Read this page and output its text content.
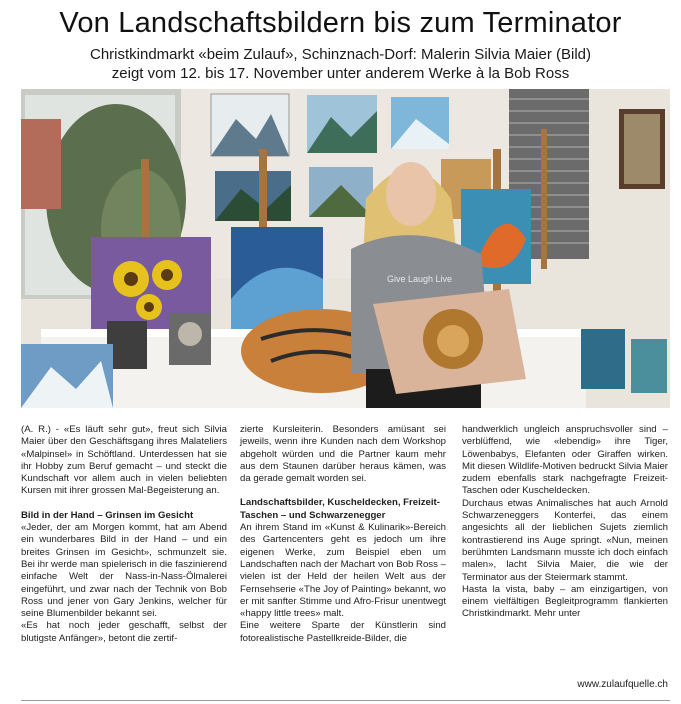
Von Landschaftsbildern bis zum Terminator
Christkindmarkt «beim Zulauf», Schinznach-Dorf: Malerin Silvia Maier (Bild)
zeigt vom 12. bis 17. November unter anderem Werke à la Bob Ross
Give Laugh Live

(A. R.) - «Es läuft sehr gut», freut sich Silvia Maier über den Geschäftsgang ihres Malateliers «Malpinsel» in Schöftland. Unterdessen hat sie ihr Hobby zum Beruf gemacht – und steckt die Kundschaft vor allem auch in vielen beliebten Kursen mit ihrer grossen Mal-Begeisterung an.

Bild in der Hand – Grinsen im Gesicht

«Jeder, der am Morgen kommt, hat am Abend ein wunderbares Bild in der Hand – und ein breites Grinsen im Gesicht», schmunzelt sie. Bei ihr werde man spielerisch in die faszinierend einfache Welt der Nass-in-Nass-Ölmalerei eingeführt, und zwar nach der Technik von Bob Ross und jener von Gary Jenkins, welcher für seine Blumenbilder bekannt sei.

«Es hat noch jeder geschafft, selbst der blutigste Anfänger», betont die zertif-

zierte Kursleiterin. Besonders amüsant sei jeweils, wenn ihre Kunden nach dem Workshop abgeholt würden und die Partner kaum mehr aus dem Staunen darüber heraus kämen, was da gerade gemalt worden sei.

Landschaftsbilder, Kuscheldecken, Freizeit-Taschen – und Schwarzenegger

An ihrem Stand im «Kunst & Kulinarik»-Bereich des Gartencenters geht es jedoch um ihre eigenen Werke, zum Beispiel eben um Landschaften nach der Machart von Bob Ross – vielen ist der Held der heilen Welt aus der Fernsehserie «The Joy of Painting» bekannt, wo er mit sanfter Stimme und Afro-Frisur unentwegt «happy little trees» malt.

Eine weitere Sparte der Künstlerin sind fotorealistische Pastellkreide-Bilder, die

handwerklich ungleich anspruchsvoller sind – verblüffend, wie «lebendig» ihre Tiger, Löwenbabys, Elefanten oder Giraffen wirken. Mit diesen Wildlife-Motiven bedruckt Silvia Maier zudem ebenfalls stark nachgefragte Freizeit-Taschen oder Kuscheldecken.

Durchaus etwas Animalisches hat auch Arnold Schwarzeneggers Konterfei, das einem angesichts all der lieblichen Sujets ziemlich kontrastierend ins Auge springt. «Nun, meinen berühmten Landsmann musste ich doch einfach malen», lacht Silvia Maier, die wie der Terminator aus der Steiermark stammt.

Hasta la vista, baby – am einzigartigen, von einem vielfältigen Begleitprogramm flankierten Christkindmarkt. Mehr unter

www.zulaufquelle.ch
